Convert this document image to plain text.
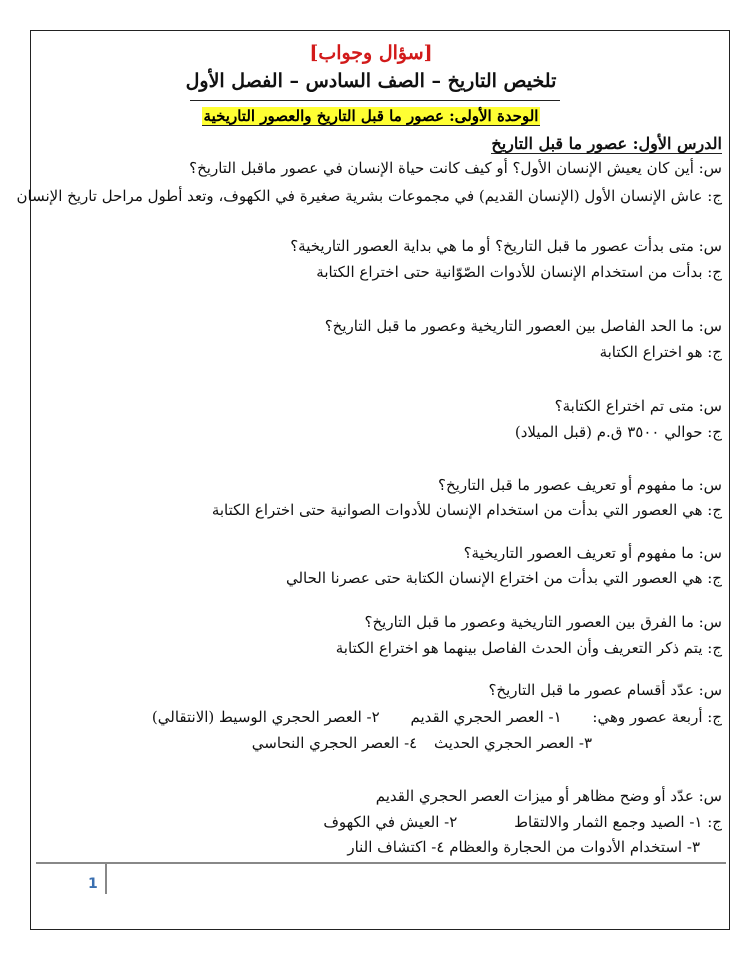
[سؤال وجواب]
تلخيص التاريخ – الصف السادس – الفصل الأول
الوحدة الأولى: عصور ما قبل التاريخ والعصور التاريخية
الدرس الأول: عصور ما قبل التاريخ
س: أين كان يعيش الإنسان الأول؟ أو كيف كانت حياة الإنسان في عصور ماقبل التاريخ؟
ج: عاش الإنسان الأول (الإنسان القديم) في مجموعات بشرية صغيرة في الكهوف، وتعد أطول مراحل تاريخ الإنسان
س: متى بدأت عصور ما قبل التاريخ؟ أو ما هي بداية العصور التاريخية؟
ج: بدأت من استخدام الإنسان للأدوات الصّوّانية حتى اختراع الكتابة
س: ما الحد الفاصل بين العصور التاريخية وعصور ما قبل التاريخ؟
ج: هو اختراع الكتابة
س: متى تم اختراع الكتابة؟
ج: حوالي ٣٥٠٠ ق.م (قبل الميلاد)
س: ما مفهوم أو تعريف عصور ما قبل التاريخ؟
ج: هي العصور التي بدأت من استخدام الإنسان للأدوات الصوانية حتى اختراع الكتابة
س: ما مفهوم أو تعريف العصور التاريخية؟
ج: هي العصور التي بدأت من اختراع الإنسان الكتابة حتى عصرنا الحالي
س: ما الفرق بين العصور التاريخية وعصور ما قبل التاريخ؟
ج: يتم ذكر التعريف وأن الحدث الفاصل بينهما هو اختراع الكتابة
س: عدّد أقسام عصور ما قبل التاريخ؟
ج: أربعة عصور وهي: ١- العصر الحجري القديم ٢- العصر الحجري الوسيط (الانتقالي)
٣- العصر الحجري الحديث ٤- العصر الحجري النحاسي
س: عدّد أو وضح مظاهر أو ميزات العصر الحجري القديم
ج: ١- الصيد وجمع الثمار والالتقاط ٢- العيش في الكهوف
٣- استخدام الأدوات من الحجارة والعظام ٤- اكتشاف النار
1
